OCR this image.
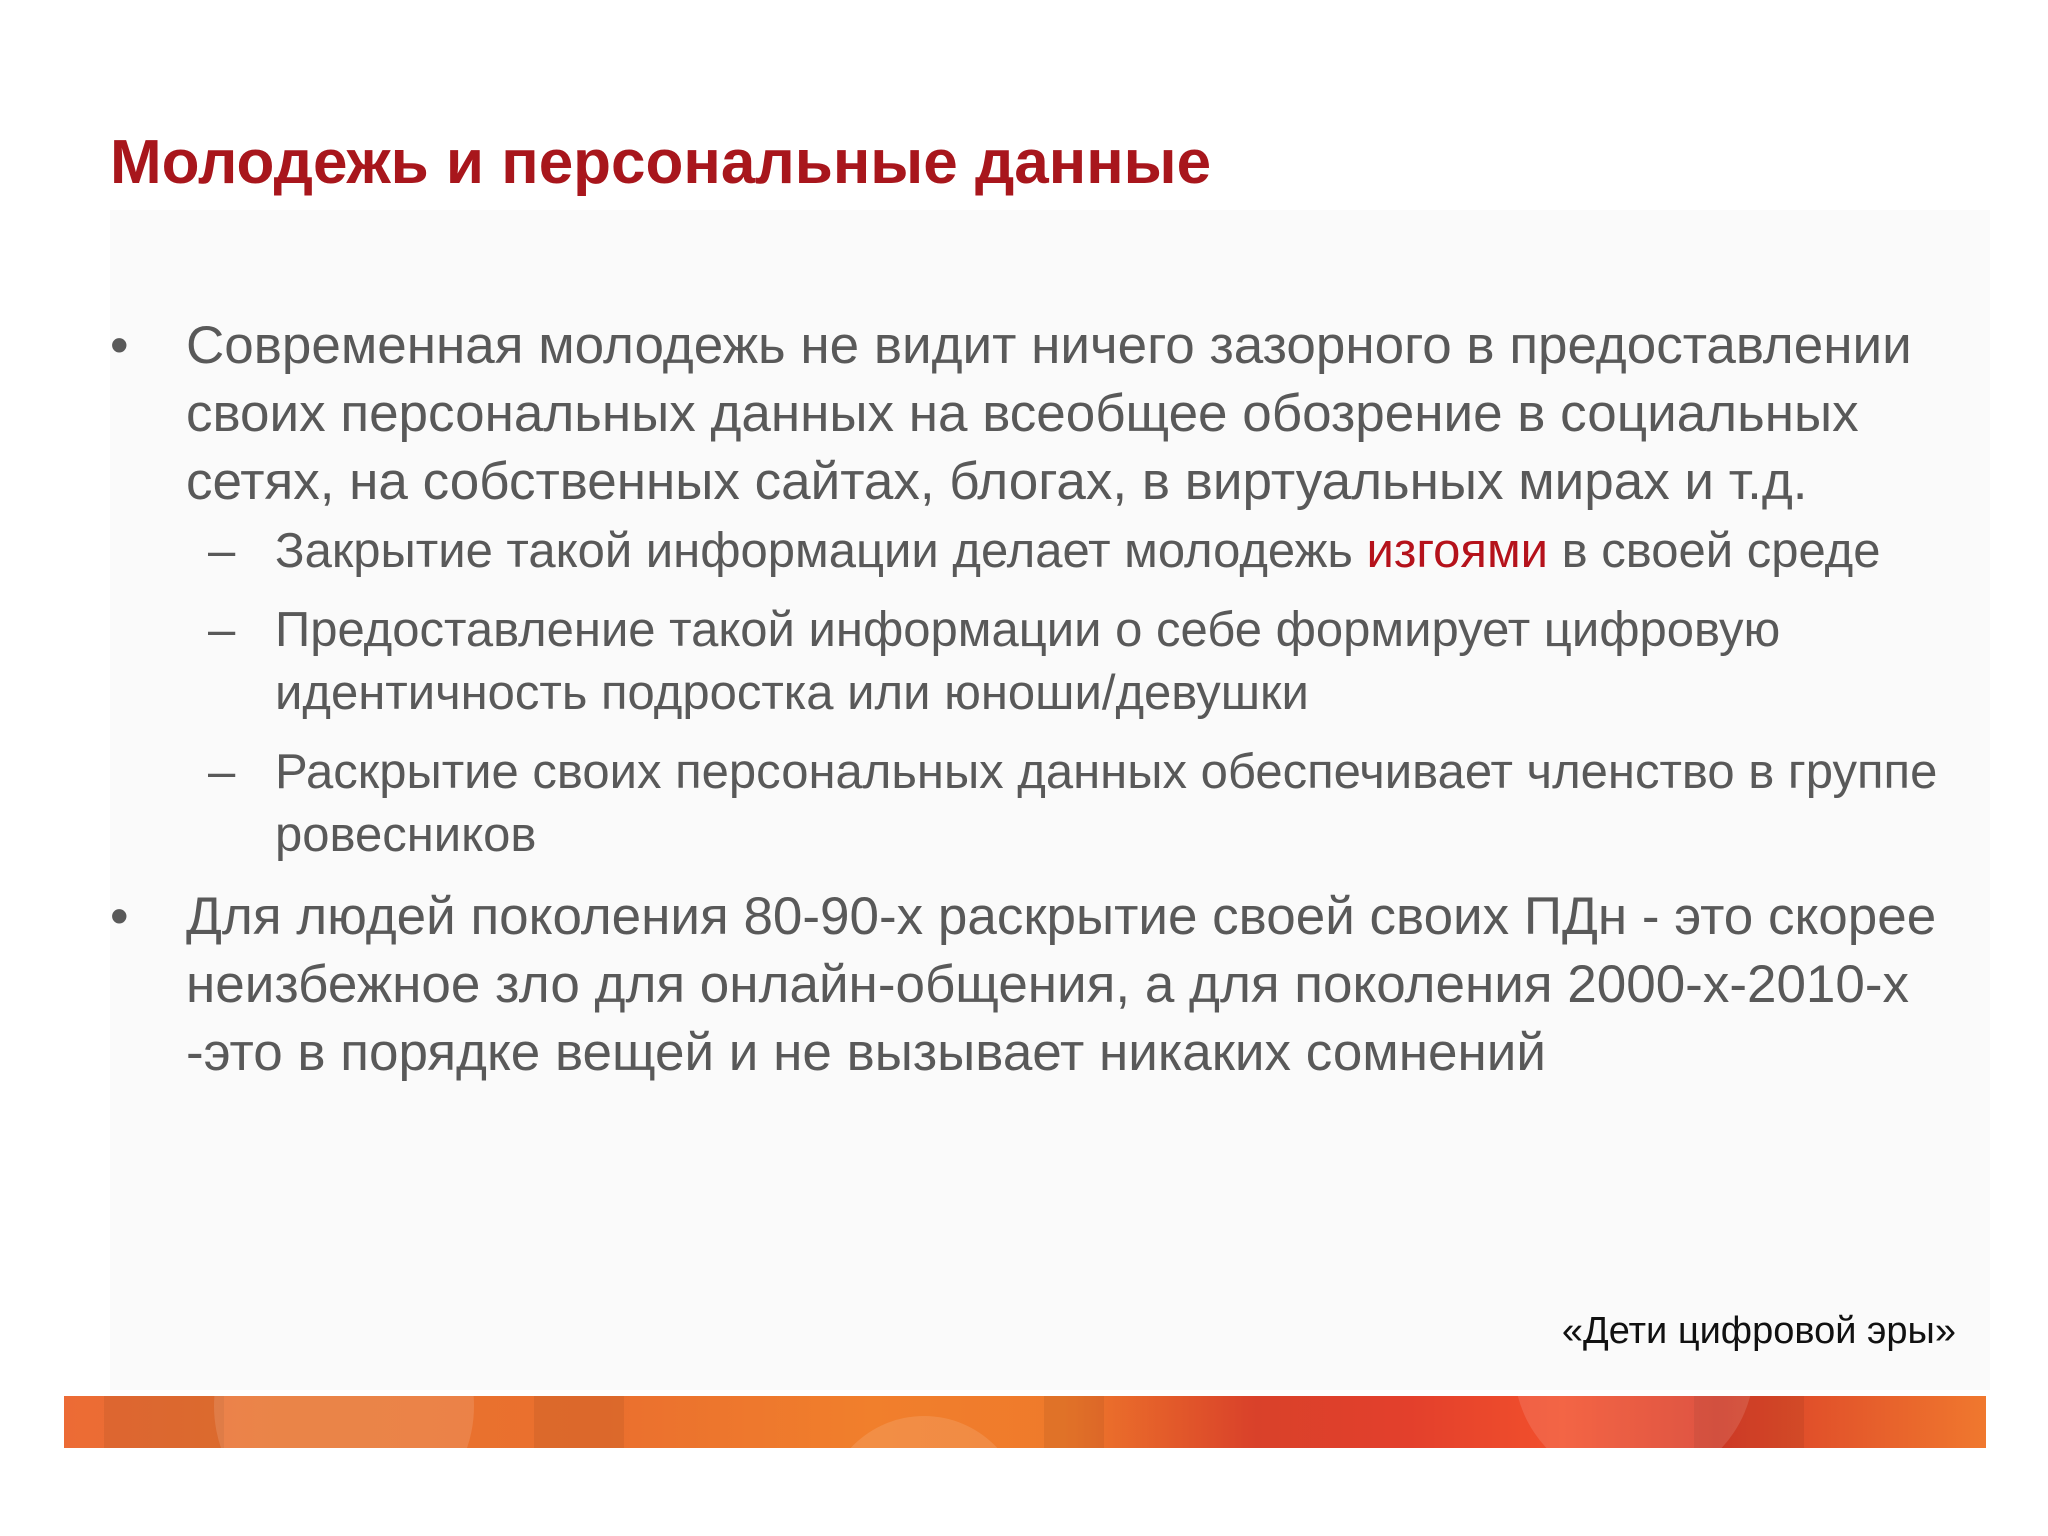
Молодежь и персональные данные
•	Современная молодежь не видит ничего зазорного в предоставлении своих персональных данных на всеобщее обозрение в социальных сетях, на собственных сайтах, блогах, в виртуальных мирах и т.д.
– Закрытие такой информации делает молодежь изгоями в своей среде
– Предоставление такой информации о себе формирует цифровую идентичность подростка или юноши/девушки
– Раскрытие своих персональных данных обеспечивает членство в группе ровесников
•	Для людей поколения 80-90-х раскрытие своей своих ПДн - это скорее неизбежное зло для онлайн-общения, а для поколения 2000-х-2010-х -это в порядке вещей и не вызывает никаких сомнений
«Дети цифровой эры»
